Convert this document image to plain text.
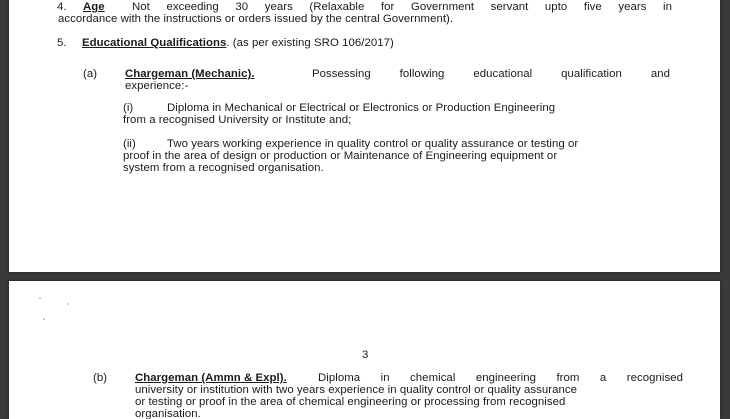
4. Age Not exceeding 30 years (Relaxable for Government servant upto five years in
accordance with the instructions or orders issued by the central Government).
5. Educational Qualifications. (as per existing SRO 106/2017)
(a) Chargeman (Mechanic).	Possessing following educational qualification and
experience:-
(i)	Diploma in Mechanical or Electrical or Electronics or Production Engineering
from a recognised University or Institute and;
(ii)	Two years working experience in quality control or quality assurance or testing or
proof in the area of design or production or Maintenance of Engineering equipment or
system from a recognised organisation.
3
(b) Chargeman (Ammn & Expl).	Diploma in chemical engineering from a recognised
university or institution with two years experience in quality control or quality assurance
or testing or proof in the area of chemical engineering or processing from recognised
organisation.
